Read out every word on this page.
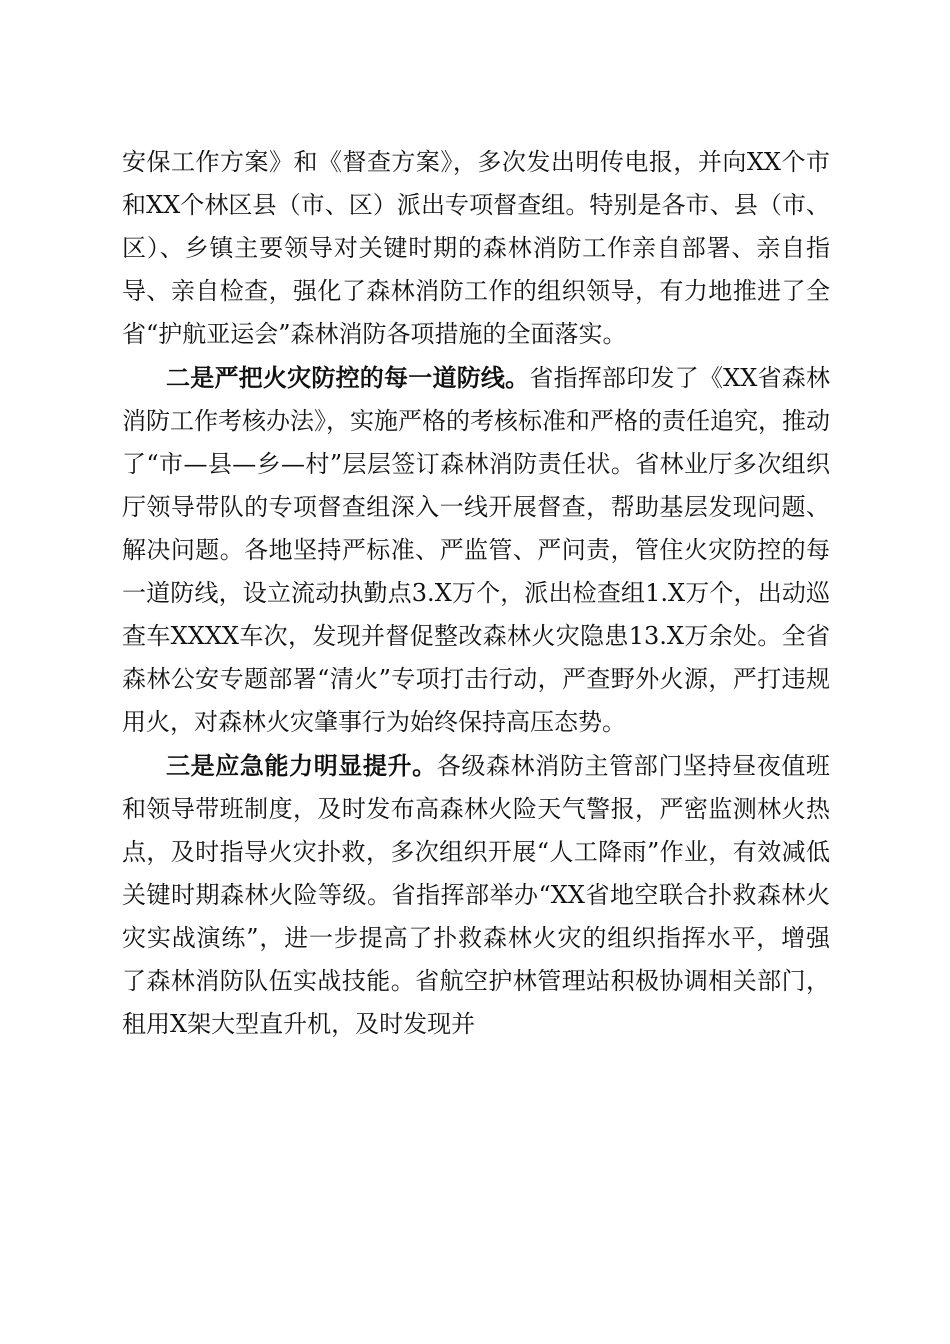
安保工作方案》和《督查方案》，多次发出明传电报，并向XX个市和XX个林区县（市、区）派出专项督查组。特别是各市、县（市、区）、乡镇主要领导对关键时期的森林消防工作亲自部署、亲自指导、亲自检查，强化了森林消防工作的组织领导，有力地推进了全省“护航亚运会”森林消防各项措施的全面落实。

二是严把火灾防控的每一道防线。省指挥部印发了《XX省森林消防工作考核办法》，实施严格的考核标准和严格的责任追究，推动了“市—县—乡—村”层层签订森林消防责任状。省林业厅多次组织厅领导带队的专项督查组深入一线开展督查，帮助基层发现问题、解决问题。各地坚持严标准、严监管、严问责，管住火灾防控的每一道防线，设立流动执勤点3.X万个，派出检查组1.X万个，出动巡查车XXXX车次，发现并督促整改森林火灾隐患13.X万余处。全省森林公安专题部署“清火”专项打击行动，严查野外火源，严打违规用火，对森林火灾肇事行为始终保持高压态势。

三是应急能力明显提升。各级森林消防主管部门坚持昼夜值班和领导带班制度，及时发布高森林火险天气警报，严密监测林火热点，及时指导火灾扑救，多次组织开展“人工降雨”作业，有效减低关键时期森林火险等级。省指挥部举办“XX省地空联合扑救森林火灾实战演练”，进一步提高了扑救森林火灾的组织指挥水平，增强了森林消防队伍实战技能。省航空护林管理站积极协调相关部门，租用X架大型直升机，及时发现并
